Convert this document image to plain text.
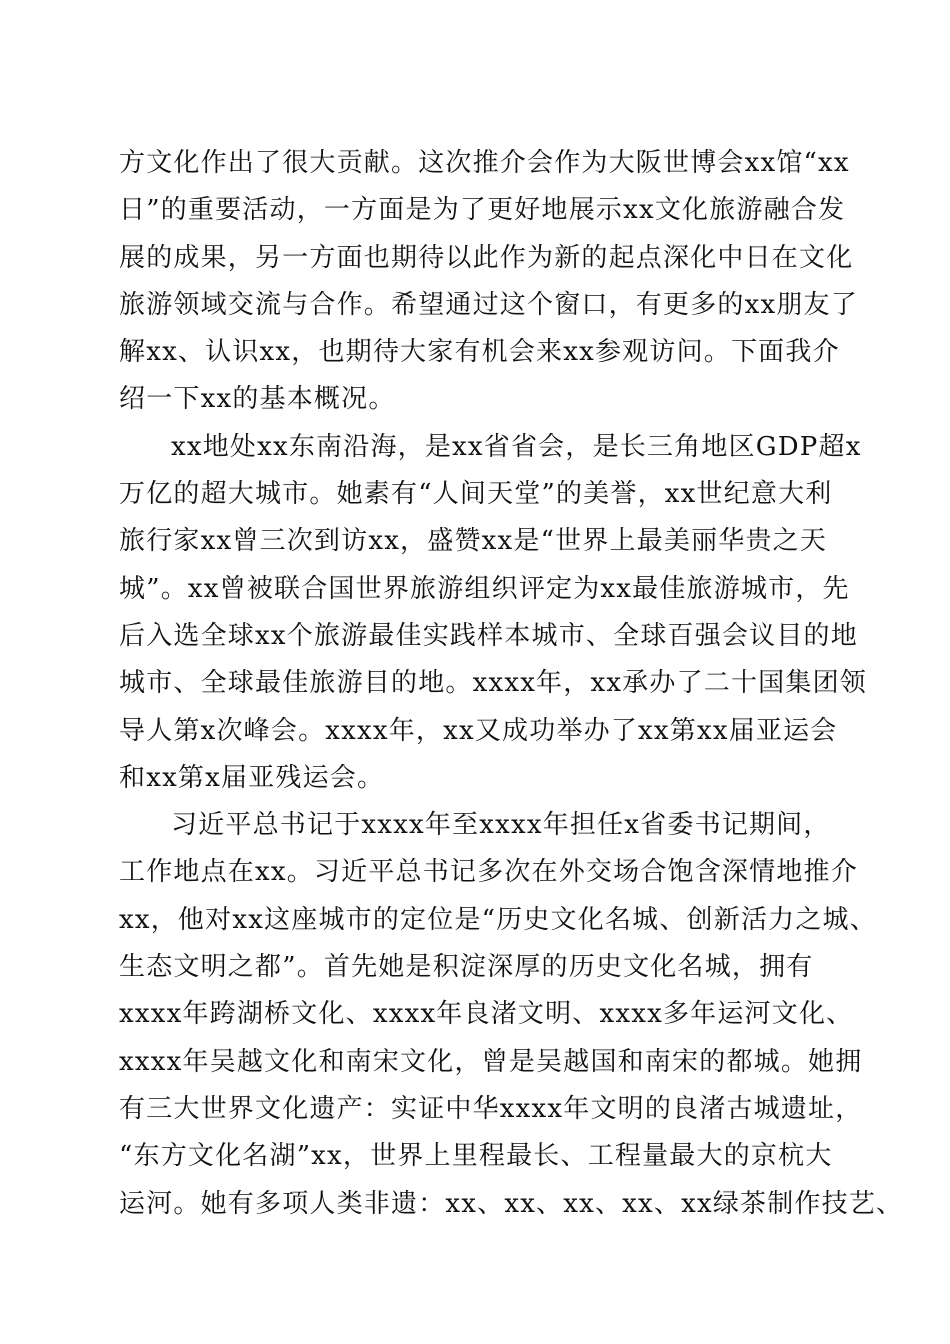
方文化作出了很大贡献。这次推介会作为大阪世博会xx馆“xx
日”的重要活动，一方面是为了更好地展示xx文化旅游融合发
展的成果，另一方面也期待以此作为新的起点深化中日在文化
旅游领域交流与合作。希望通过这个窗口，有更多的xx朋友了
解xx、认识xx，也期待大家有机会来xx参观访问。下面我介
绍一下xx的基本概况。
xx地处xx东南沿海，是xx省省会，是长三角地区GDP超x
万亿的超大城市。她素有“人间天堂”的美誉，xx世纪意大利
旅行家xx曾三次到访xx，盛赞xx是“世界上最美丽华贵之天
城”。xx曾被联合国世界旅游组织评定为xx最佳旅游城市，先
后入选全球xx个旅游最佳实践样本城市、全球百强会议目的地
城市、全球最佳旅游目的地。xxxx年，xx承办了二十国集团领
导人第x次峰会。xxxx年，xx又成功举办了xx第xx届亚运会
和xx第x届亚残运会。
习近平总书记于xxxx年至xxxx年担任x省委书记期间，
工作地点在xx。习近平总书记多次在外交场合饱含深情地推介
xx，他对xx这座城市的定位是“历史文化名城、创新活力之城、
生态文明之都”。首先她是积淀深厚的历史文化名城，拥有
xxxx年跨湖桥文化、xxxx年良渚文明、xxxx多年运河文化、
xxxx年吴越文化和南宋文化，曾是吴越国和南宋的都城。她拥
有三大世界文化遗产：实证中华xxxx年文明的良渚古城遗址，
“东方文化名湖”xx，世界上里程最长、工程量最大的京杭大
运河。她有多项人类非遗：xx、xx、xx、xx、xx绿茶制作技艺、
